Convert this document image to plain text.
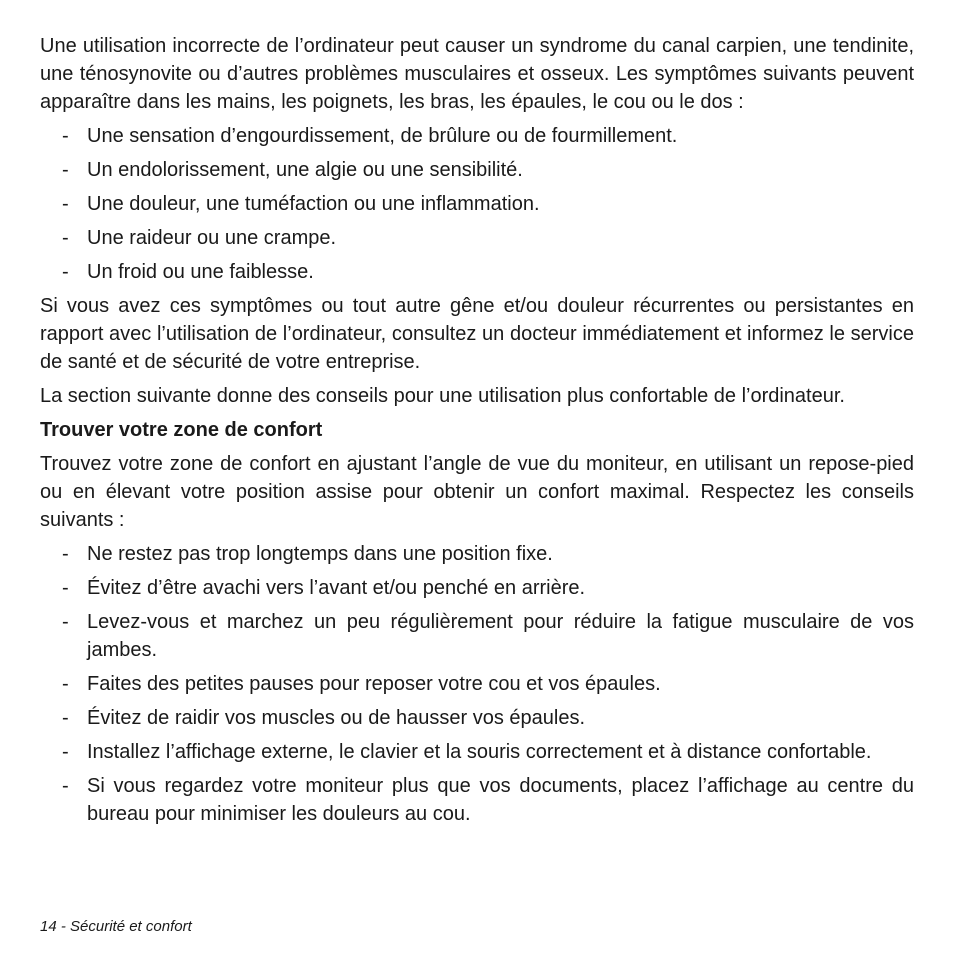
Une utilisation incorrecte de l’ordinateur peut causer un syndrome du canal carpien, une tendinite, une ténosynovite ou d’autres problèmes musculaires et osseux. Les symptômes suivants peuvent apparaître dans les mains, les poignets, les bras, les épaules, le cou ou le dos :

- Une sensation d’engourdissement, de brûlure ou de fourmillement.
- Un endolorissement, une algie ou une sensibilité.
- Une douleur, une tuméfaction ou une inflammation.
- Une raideur ou une crampe.
- Un froid ou une faiblesse.

Si vous avez ces symptômes ou tout autre gêne et/ou douleur récurrentes ou persistantes en rapport avec l’utilisation de l’ordinateur, consultez un docteur immédiatement et informez le service de santé et de sécurité de votre entreprise.

La section suivante donne des conseils pour une utilisation plus confortable de l’ordinateur.

Trouver votre zone de confort

Trouvez votre zone de confort en ajustant l’angle de vue du moniteur, en utilisant un repose-pied ou en élevant votre position assise pour obtenir un confort maximal. Respectez les conseils suivants :

- Ne restez pas trop longtemps dans une position fixe.
- Évitez d’être avachi vers l’avant et/ou penché en arrière.
- Levez-vous et marchez un peu régulièrement pour réduire la fatigue musculaire de vos jambes.
- Faites des petites pauses pour reposer votre cou et vos épaules.
- Évitez de raidir vos muscles ou de hausser vos épaules.
- Installez l’affichage externe, le clavier et la souris correctement et à distance confortable.
- Si vous regardez votre moniteur plus que vos documents, placez l’affichage au centre du bureau pour minimiser les douleurs au cou.
14 - Sécurité et confort
